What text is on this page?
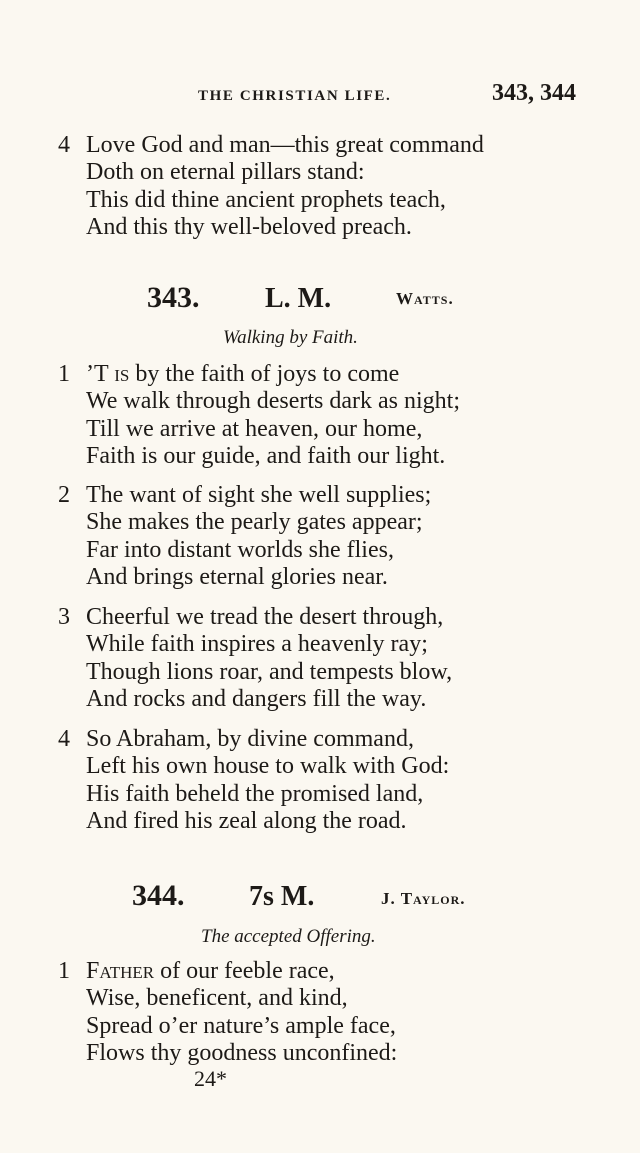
THE CHRISTIAN LIFE.	343, 344
4 Love God and man—this great command
Doth on eternal pillars stand:
This did thine ancient prophets teach,
And this thy well-beloved preach.
343. L. M.	Watts.
Walking by Faith.
1 ’T is by the faith of joys to come
We walk through deserts dark as night;
Till we arrive at heaven, our home,
Faith is our guide, and faith our light.
2 The want of sight she well supplies;
She makes the pearly gates appear;
Far into distant worlds she flies,
And brings eternal glories near.
3 Cheerful we tread the desert through,
While faith inspires a heavenly ray;
Though lions roar, and tempests blow,
And rocks and dangers fill the way.
4 So Abraham, by divine command,
Left his own house to walk with God:
His faith beheld the promised land,
And fired his zeal along the road.
344. 7s M.	J. Taylor.
The accepted Offering.
1 Father of our feeble race,
Wise, beneficent, and kind,
Spread o’er nature’s ample face,
Flows thy goodness unconfined:
24*
